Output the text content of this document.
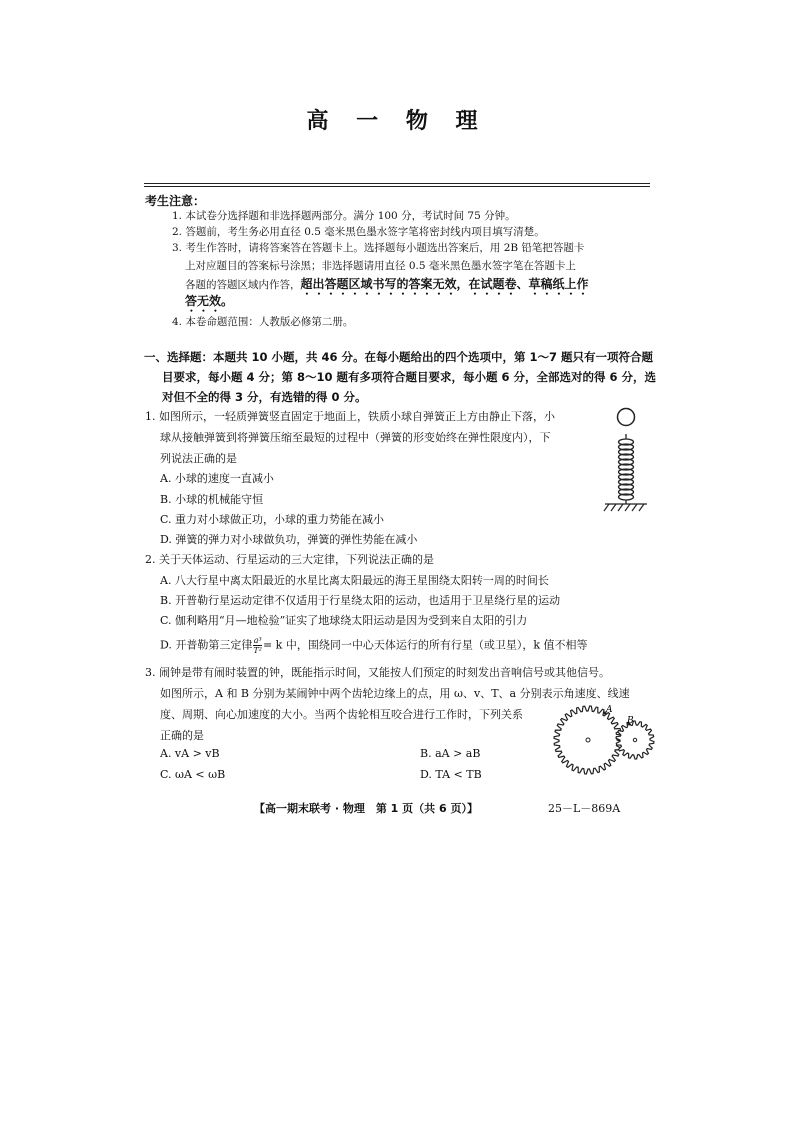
高 一 物 理
考生注意：
1. 本试卷分选择题和非选择题两部分。满分 100 分，考试时间 75 分钟。
2. 答题前，考生务必用直径 0.5 毫米黑色墨水签字笔将密封线内项目填写清楚。
3. 考生作答时，请将答案答在答题卡上。选择题每小题选出答案后，用 2B 铅笔把答题卡
上对应题目的答案标号涂黑；非选择题请用直径 0.5 毫米黑色墨水签字笔在答题卡上
各题的答题区域内作答，超出答题区域书写的答案无效，在试题卷、草稿纸上作
答无效。
4. 本卷命题范围：人教版必修第二册。
一、选择题：本题共 10 小题，共 46 分。在每小题给出的四个选项中，第 1～7 题只有一项符合题
目要求，每小题 4 分；第 8～10 题有多项符合题目要求，每小题 6 分，全部选对的得 6 分，选
对但不全的得 3 分，有选错的得 0 分。
1. 如图所示，一轻质弹簧竖直固定于地面上，铁质小球自弹簧正上方由静止下落，小
球从接触弹簧到将弹簧压缩至最短的过程中（弹簧的形变始终在弹性限度内），下
列说法正确的是
A. 小球的速度一直减小
B. 小球的机械能守恒
C. 重力对小球做正功，小球的重力势能在减小
D. 弹簧的弹力对小球做负功，弹簧的弹性势能在减小
2. 关于天体运动、行星运动的三大定律，下列说法正确的是
A. 八大行星中离太阳最近的水星比离太阳最远的海王星围绕太阳转一周的时间长
B. 开普勒行星运动定律不仅适用于行星绕太阳的运动，也适用于卫星绕行星的运动
C. 伽利略用“月—地检验”证实了地球绕太阳运动是因为受到来自太阳的引力
D. 开普勒第三定律 $\frac{\text{a³}}{\text{T²}} = k$ 中，围绕同一中心天体运行的所有行星（或卫星），k 值不相等
3. 闹钟是带有闹时装置的钟，既能指示时间，又能按人们预定的时刻发出音响信号或其他信号。
如图所示，A 和 B 分别为某闹钟中两个齿轮边缘上的点，用 ω、v、T、a 分别表示角速度、线速
度、周期、向心加速度的大小。当两个齿轮相互咬合进行工作时，下列关系
正确的是
A. vA > vB	B. aA > aB
C. ωA < ωB	D. TA < TB
A
B
【高一期末联考 · 物理　第 1 页（共 6 页）】	25－L－869A
